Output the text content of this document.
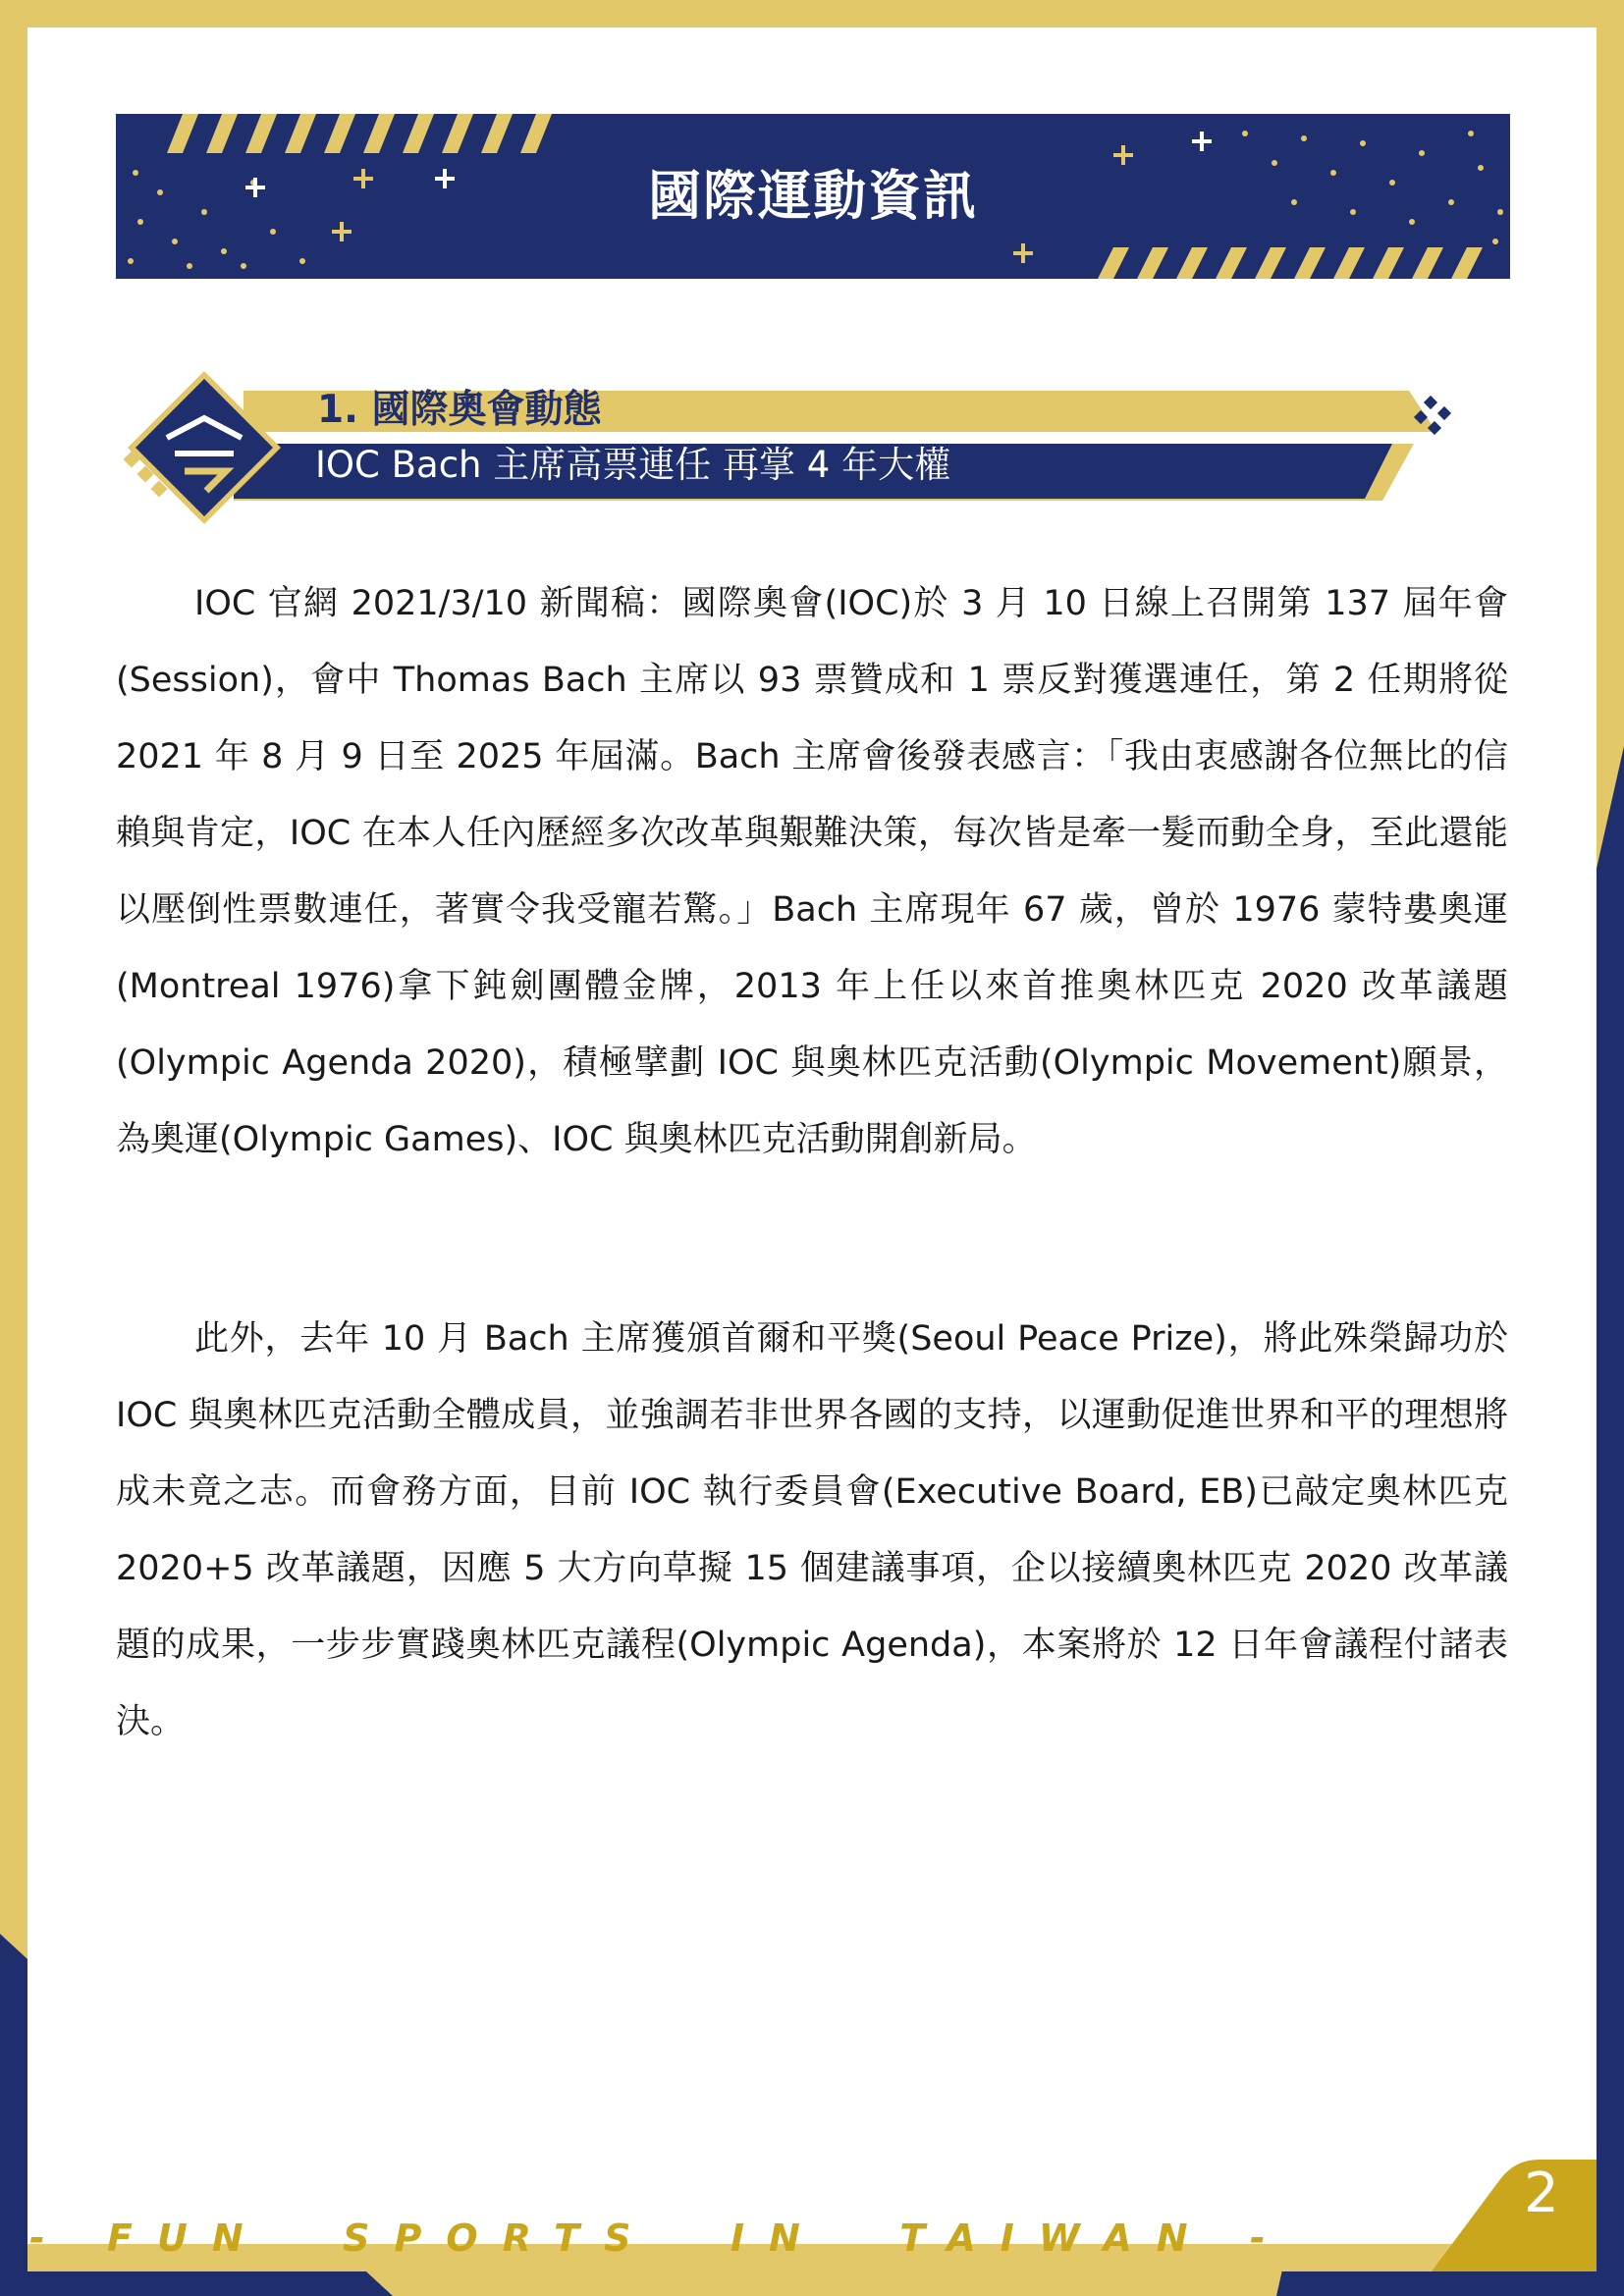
國際運動資訊
1. 國際奧會動態
IOC Bach 主席高票連任 再掌 4 年大權

IOC 官網 2021/3/10 新聞稿：國際奧會(IOC)於 3 月 10 日線上召開第 137 屆年會(Session)，會中 Thomas Bach 主席以 93 票贊成和 1 票反對獲選連任，第 2 任期將從 2021 年 8 月 9 日至 2025 年屆滿。Bach 主席會後發表感言：「我由衷感謝各位無比的信賴與肯定，IOC 在本人任內歷經多次改革與艱難決策，每次皆是牽一髮而動全身，至此還能以壓倒性票數連任，著實令我受寵若驚。」Bach 主席現年 67 歲，曾於 1976 蒙特婁奧運(Montreal 1976)拿下鈍劍團體金牌，2013 年上任以來首推奧林匹克 2020 改革議題(Olympic Agenda 2020)，積極擘劃 IOC 與奧林匹克活動(Olympic Movement)願景，為奧運(Olympic Games)、IOC 與奧林匹克活動開創新局。

此外，去年 10 月 Bach 主席獲頒首爾和平獎(Seoul Peace Prize)，將此殊榮歸功於 IOC 與奧林匹克活動全體成員，並強調若非世界各國的支持，以運動促進世界和平的理想將成未竟之志。而會務方面，目前 IOC 執行委員會(Executive Board, EB)已敲定奧林匹克 2020+5 改革議題，因應 5 大方向草擬 15 個建議事項，企以接續奧林匹克 2020 改革議題的成果，一步步實踐奧林匹克議程(Olympic Agenda)，本案將於 12 日年會議程付諸表決。

- FUN  SPORTS  IN  TAIWAN -
2
